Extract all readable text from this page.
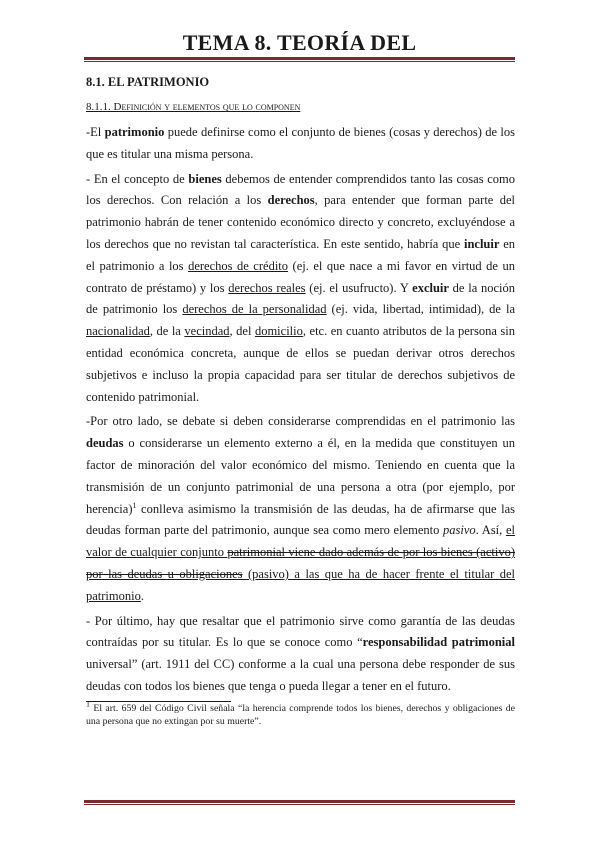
TEMA 8. TEORÍA DEL
8.1. EL PATRIMONIO
8.1.1. Definición y elementos que lo componen

-El patrimonio puede definirse como el conjunto de bienes (cosas y derechos) de los que es titular una misma persona.

- En el concepto de bienes debemos de entender comprendidos tanto las cosas como los derechos. Con relación a los derechos, para entender que forman parte del patrimonio habrán de tener contenido económico directo y concreto, excluyéndose a los derechos que no revistan tal característica. En este sentido, habría que incluir en el patrimonio a los derechos de crédito (ej. el que nace a mi favor en virtud de un contrato de préstamo) y los derechos reales (ej. el usufructo). Y excluir de la noción de patrimonio los derechos de la personalidad (ej. vida, libertad, intimidad), de la nacionalidad, de la vecindad, del domicilio, etc. en cuanto atributos de la persona sin entidad económica concreta, aunque de ellos se puedan derivar otros derechos subjetivos e incluso la propia capacidad para ser titular de derechos subjetivos de contenido patrimonial.

-Por otro lado, se debate si deben considerarse comprendidas en el patrimonio las deudas o considerarse un elemento externo a él, en la medida que constituyen un factor de minoración del valor económico del mismo. Teniendo en cuenta que la transmisión de un conjunto patrimonial de una persona a otra (por ejemplo, por herencia)$^1$ conlleva asimismo la transmisión de las deudas, ha de afirmarse que las deudas forman parte del patrimonio, aunque sea como mero elemento pasivo. Así, el valor de cualquier conjunto patrimonial viene dado además de por los bienes (activo) por las deudas u obligaciones (pasivo) a las que ha de hacer frente el titular del patrimonio.

- Por último, hay que resaltar que el patrimonio sirve como garantía de las deudas contraídas por su titular. Es lo que se conoce como “responsabilidad patrimonial universal” (art. 1911 del CC) conforme a la cual una persona debe responder de sus deudas con todos los bienes que tenga o pueda llegar a tener en el futuro.

$^1$ El art. 659 del Código Civil señala “la herencia comprende todos los bienes, derechos y obligaciones de una persona que no extingan por su muerte”.
